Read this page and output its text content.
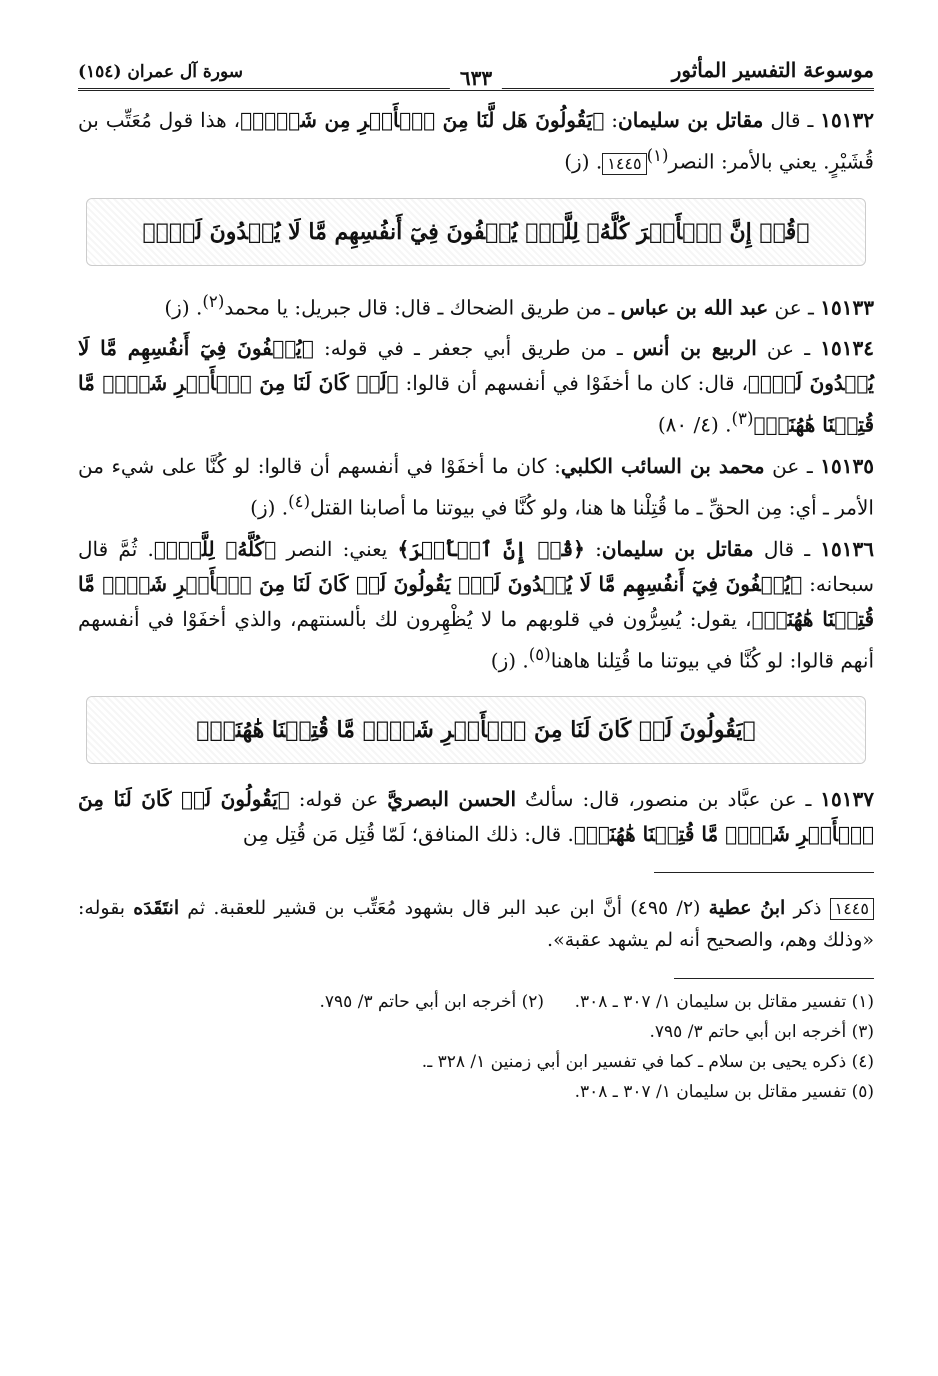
موسوعة التفسير المأثور
٦٣٣
سورة آل عمران (١٥٤)

١٥١٣٢ ـ قال مقاتل بن سليمان: ﴿يَقُولُونَ هَل لَّنَا مِنَ ٱلۡأَمۡرِ مِن شَيۡءٖ﴾، هذا قول مُعَتِّب بن قُشَيْرٍ. يعني بالأمر: النصر$^{(١)}$١٤٤٥. (ز)

﴿قُلۡ إِنَّ ٱلۡأَمۡرَ كُلَّهُۥ لِلَّهِۗ يُخۡفُونَ فِيٓ أَنفُسِهِم مَّا لَا يُبۡدُونَ لَكَۖ﴾

١٥١٣٣ ـ عن عبد الله بن عباس ـ من طريق الضحاك ـ قال: قال جبريل: يا محمد$^{(٢)}$. (ز)

١٥١٣٤ ـ عن الربيع بن أنس ـ من طريق أبي جعفر ـ في قوله: ﴿يُخۡفُونَ فِيٓ أَنفُسِهِم مَّا لَا يُبۡدُونَ لَكَۖ﴾، قال: كان ما أخفَوْا في أنفسهم أن قالوا: ﴿لَوۡ كَانَ لَنَا مِنَ ٱلۡأَمۡرِ شَيۡءٞ مَّا قُتِلۡنَا هَٰهُنَاۗ﴾$^{(٣)}$. (٤/ ٨٠)

١٥١٣٥ ـ عن محمد بن السائب الكلبي: كان ما أخفَوْا في أنفسهم أن قالوا: لو كُنَّا على شيء من الأمر ـ أي: مِن الحقِّ ـ ما قُتِلْنا ها هنا، ولو كُنَّا في بيوتنا ما أصابنا القتل$^{(٤)}$. (ز)

١٥١٣٦ ـ قال مقاتل بن سليمان: ﴿قُلۡ إِنَّ ٱلۡأَمۡرَ﴾ يعني: النصر ﴿كُلَّهُۥ لِلَّهِۗ﴾. ثُمَّ قال سبحانه: ﴿يُخۡفُونَ فِيٓ أَنفُسِهِم مَّا لَا يُبۡدُونَ لَكَۖ يَقُولُونَ لَوۡ كَانَ لَنَا مِنَ ٱلۡأَمۡرِ شَيۡءٞ مَّا قُتِلۡنَا هَٰهُنَاۗ﴾، يقول: يُسِرُّون في قلوبهم ما لا يُظْهِرون لك بألسنتهم، والذي أخفَوْا في أنفسهم أنهم قالوا: لو كُنَّا في بيوتنا ما قُتِلنا هاهنا$^{(٥)}$. (ز)

﴿يَقُولُونَ لَوۡ كَانَ لَنَا مِنَ ٱلۡأَمۡرِ شَيۡءٞ مَّا قُتِلۡنَا هَٰهُنَاۗ﴾

١٥١٣٧ ـ عن عبَّاد بن منصور، قال: سألتُ الحسن البصريَّ عن قوله: ﴿يَقُولُونَ لَوۡ كَانَ لَنَا مِنَ ٱلۡأَمۡرِ شَيۡءٞ مَّا قُتِلۡنَا هَٰهُنَاۗ﴾. قال: ذلك المنافق؛ لَمّا قُتِل مَن قُتِل مِن

١٤٤٥ ذكر ابنُ عطية (٢/ ٤٩٥) أنَّ ابن عبد البر قال بشهود مُعَتِّب بن قشير للعقبة. ثم انتَقَدَه بقوله: «وذلك وهم، والصحيح أنه لم يشهد عقبة».

(١) تفسير مقاتل بن سليمان ١/ ٣٠٧ ـ ٣٠٨.
(٢) أخرجه ابن أبي حاتم ٣/ ٧٩٥.
(٣) أخرجه ابن أبي حاتم ٣/ ٧٩٥.
(٤) ذكره يحيى بن سلام ـ كما في تفسير ابن أبي زمنين ١/ ٣٢٨ ـ.
(٥) تفسير مقاتل بن سليمان ١/ ٣٠٧ ـ ٣٠٨.
